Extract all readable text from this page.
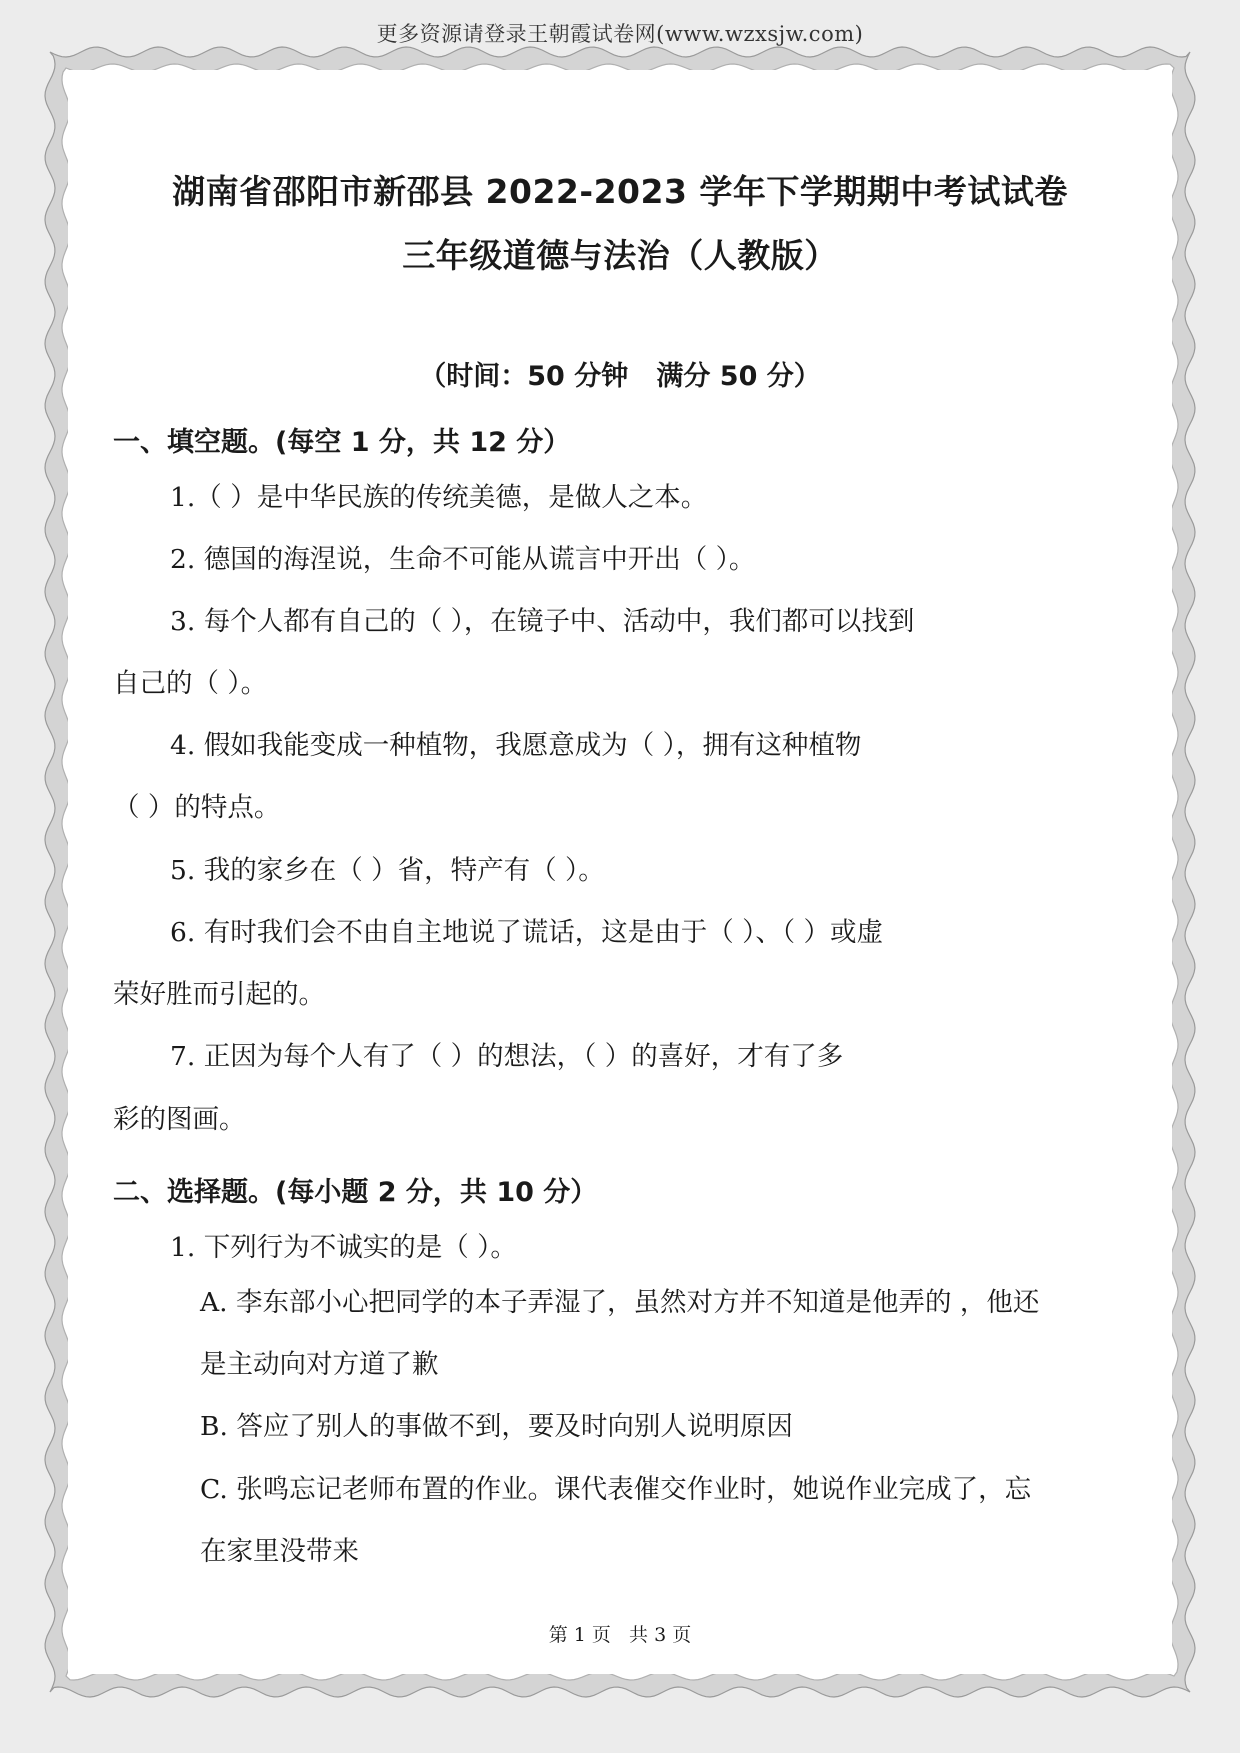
更多资源请登录王朝霞试卷网(www.wzxsjw.com)
湖南省邵阳市新邵县 2022-2023 学年下学期期中考试试卷
三年级道德与法治（人教版）
（时间：50 分钟   满分 50 分）
一、填空题。(每空 1 分，共 12 分）
1.（ ）是中华民族的传统美德，是做人之本。
2. 德国的海涅说，生命不可能从谎言中开出（ ）。
3. 每个人都有自己的（ ），在镜子中、活动中，我们都可以找到
自己的（ ）。
4. 假如我能变成一种植物，我愿意成为（ ），拥有这种植物
（ ）的特点。
5. 我的家乡在（ ）省，特产有（ ）。
6. 有时我们会不由自主地说了谎话，这是由于（ ）、（ ）或虚
荣好胜而引起的。
7. 正因为每个人有了（ ）的想法，（ ）的喜好，才有了多
彩的图画。
二、选择题。(每小题 2 分，共 10 分）
1. 下列行为不诚实的是（ ）。
A. 李东部小心把同学的本子弄湿了，虽然对方并不知道是他弄的 ，他还
是主动向对方道了歉
B. 答应了别人的事做不到，要及时向别人说明原因
C. 张鸣忘记老师布置的作业。课代表催交作业时，她说作业完成了，忘
在家里没带来
第 1 页   共 3 页
